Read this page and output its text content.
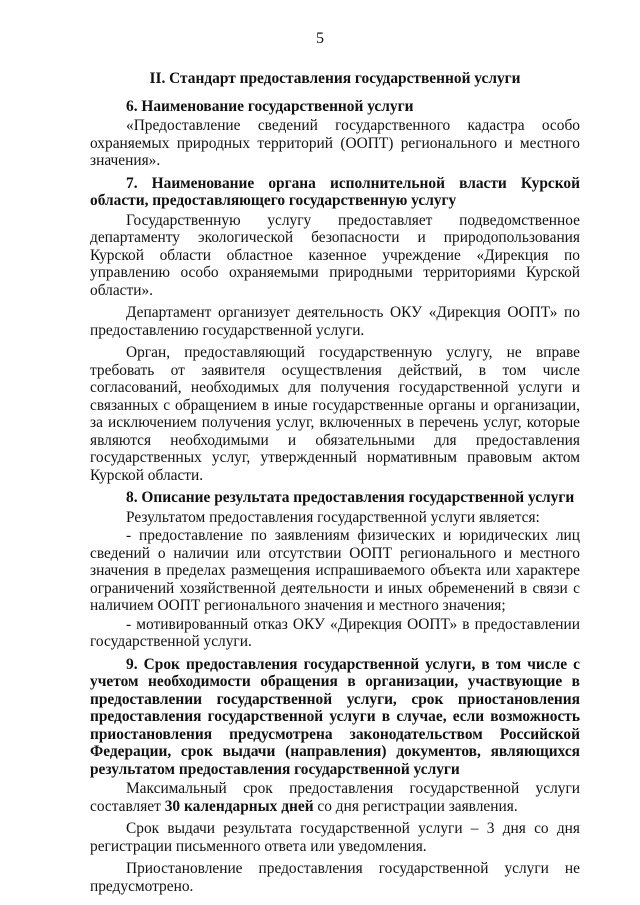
5
II. Стандарт предоставления государственной услуги
6. Наименование государственной услуги
«Предоставление сведений государственного кадастра особо охраняемых природных территорий (ООПТ) регионального и местного значения».
7. Наименование органа исполнительной власти Курской области, предоставляющего государственную услугу
Государственную услугу предоставляет подведомственное департаменту экологической безопасности и природопользования Курской области областное казенное учреждение «Дирекция по управлению особо охраняемыми природными территориями Курской области».
Департамент организует деятельность ОКУ «Дирекция ООПТ» по предоставлению государственной услуги.
Орган, предоставляющий государственную услугу, не вправе требовать от заявителя осуществления действий, в том числе согласований, необходимых для получения государственной услуги и связанных с обращением в иные государственные органы и организации, за исключением получения услуг, включенных в перечень услуг, которые являются необходимыми и обязательными для предоставления государственных услуг, утвержденный нормативным правовым актом Курской области.
8. Описание результата предоставления государственной услуги
Результатом предоставления государственной услуги является:
- предоставление по заявлениям физических и юридических лиц сведений о наличии или отсутствии ООПТ регионального и местного значения в пределах размещения испрашиваемого объекта или характере ограничений хозяйственной деятельности и иных обременений в связи с наличием ООПТ регионального значения и местного значения;
- мотивированный отказ ОКУ «Дирекция ООПТ» в предоставлении государственной услуги.
9. Срок предоставления государственной услуги, в том числе с учетом необходимости обращения в организации, участвующие в предоставлении государственной услуги, срок приостановления предоставления государственной услуги в случае, если возможность приостановления предусмотрена законодательством Российской Федерации, срок выдачи (направления) документов, являющихся результатом предоставления государственной услуги
Максимальный срок предоставления государственной услуги составляет 30 календарных дней со дня регистрации заявления.
Срок выдачи результата государственной услуги – 3 дня со дня регистрации письменного ответа или уведомления.
Приостановление предоставления государственной услуги не предусмотрено.
